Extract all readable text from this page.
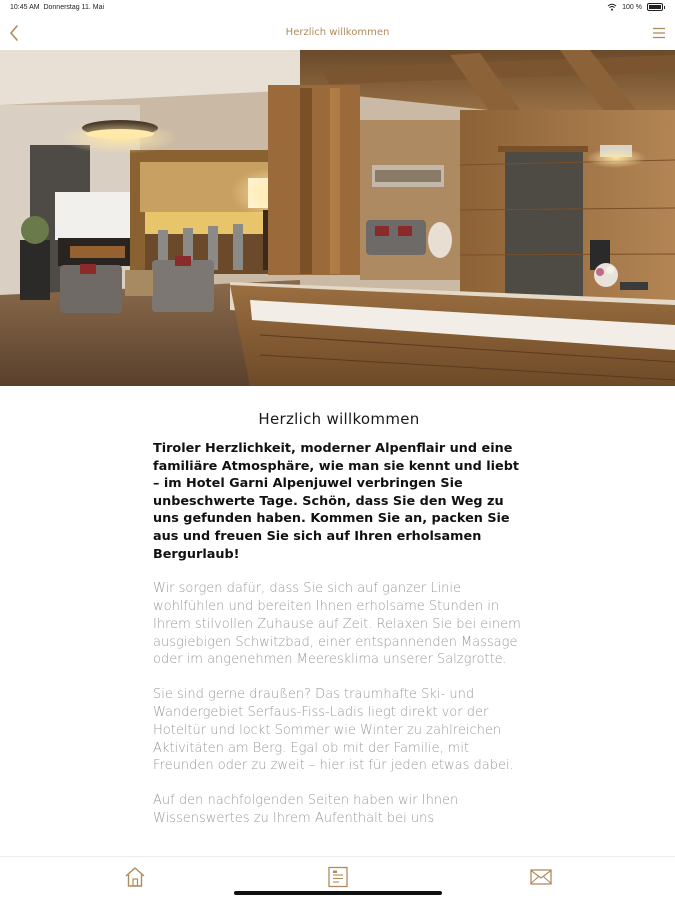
10:45 AM Donnerstag 11. Mai	100 %
Herzlich willkommen
Herzlich willkommen

Tiroler Herzlichkeit, moderner Alpenflair und eine familiäre Atmosphäre, wie man sie kennt und liebt – im Hotel Garni Alpenjuwel verbringen Sie unbeschwerte Tage. Schön, dass Sie den Weg zu uns gefunden haben. Kommen Sie an, packen Sie aus und freuen Sie sich auf Ihren erholsamen Bergurlaub!

Wir sorgen dafür, dass Sie sich auf ganzer Linie wohlfühlen und bereiten Ihnen erholsame Stunden in Ihrem stilvollen Zuhause auf Zeit. Relaxen Sie bei einem ausgiebigen Schwitzbad, einer entspannenden Massage oder im angenehmen Meeresklima unserer Salzgrotte.

Sie sind gerne draußen? Das traumhafte Ski- und Wandergebiet Serfaus-Fiss-Ladis liegt direkt vor der Hoteltür und lockt Sommer wie Winter zu zahlreichen Aktivitäten am Berg. Egal ob mit der Familie, mit Freunden oder zu zweit – hier ist für jeden etwas dabei.

Auf den nachfolgenden Seiten haben wir Ihnen Wissenswertes zu Ihrem Aufenthalt bei uns
